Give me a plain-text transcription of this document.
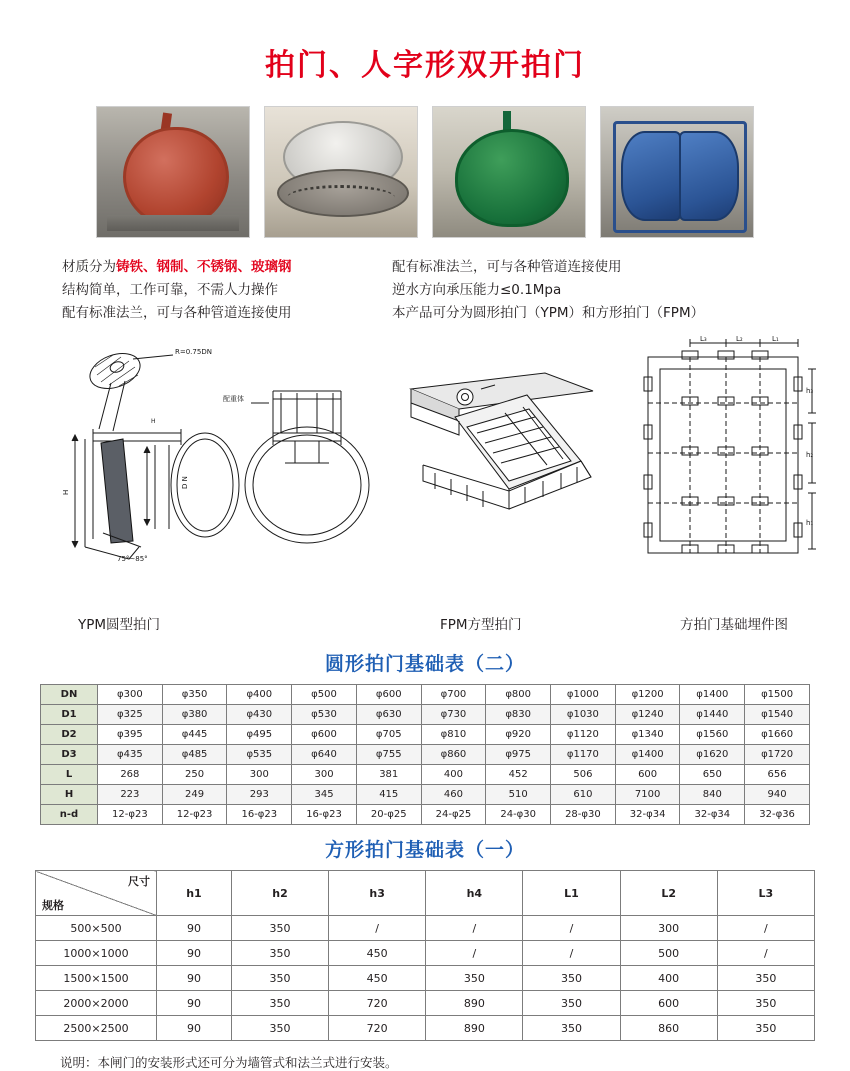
拍门、人字形双开拍门
材质分为铸铁、钢制、不锈钢、玻璃钢
结构简单，工作可靠，不需人力操作
配有标准法兰，可与各种管道连接使用
配有标准法兰，可与各种管道连接使用
逆水方向承压能力≤0.1Mpa
本产品可分为圆形拍门（YPM）和方形拍门（FPM）
R=0.75DN
配重体
75°~85°
H
D N
H
L₃	L₂	L₁
h₃
h₂
h₁
YPM圆型拍门	FPM方型拍门	方拍门基础埋件图
圆形拍门基础表（二）
DN	φ300	φ350	φ400	φ500	φ600	φ700	φ800	φ1000	φ1200	φ1400	φ1500
D1	φ325	φ380	φ430	φ530	φ630	φ730	φ830	φ1030	φ1240	φ1440	φ1540
D2	φ395	φ445	φ495	φ600	φ705	φ810	φ920	φ1120	φ1340	φ1560	φ1660
D3	φ435	φ485	φ535	φ640	φ755	φ860	φ975	φ1170	φ1400	φ1620	φ1720
L	268	250	300	300	381	400	452	506	600	650	656
H	223	249	293	345	415	460	510	610	7100	840	940
n-d	12-φ23	12-φ23	16-φ23	16-φ23	20-φ25	24-φ25	24-φ30	28-φ30	32-φ34	32-φ34	32-φ36
方形拍门基础表（一）
尺寸
规格	h1	h2	h3	h4	L1	L2	L3
500×500	90	350	/	/	/	300	/
1000×1000	90	350	450	/	/	500	/
1500×1500	90	350	450	350	350	400	350
2000×2000	90	350	720	890	350	600	350
2500×2500	90	350	720	890	350	860	350
说明：本闸门的安装形式还可分为墙管式和法兰式进行安装。
